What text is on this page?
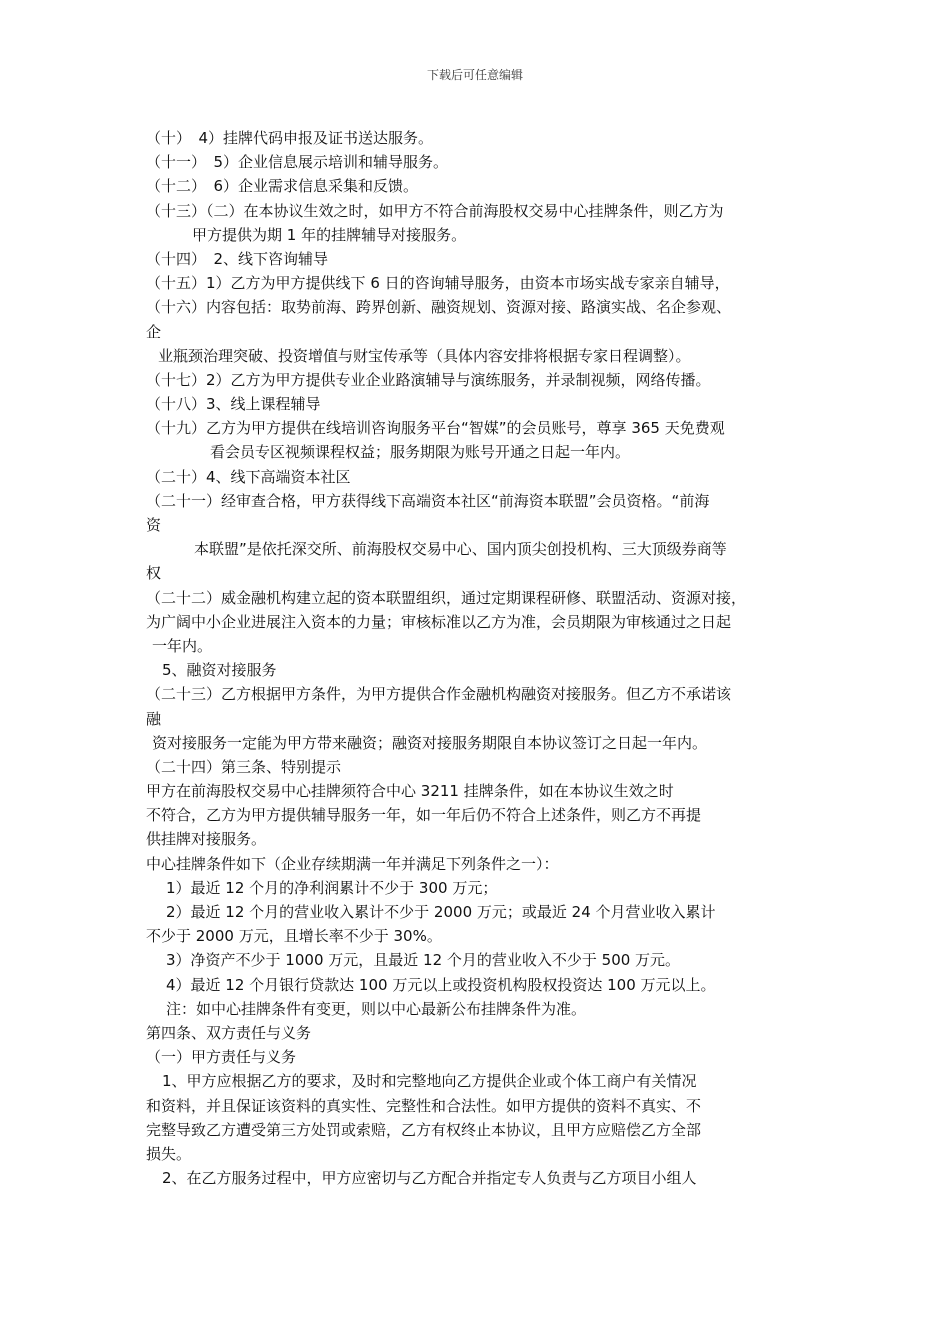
下载后可任意编辑
（十）　4）挂牌代码申报及证书送达服务。
（十一）　5）企业信息展示培训和辅导服务。
（十二）　6）企业需求信息采集和反馈。
（十三）（二）在本协议生效之时，如甲方不符合前海股权交易中心挂牌条件，则乙方为
甲方提供为期 1 年的挂牌辅导对接服务。
（十四）　2、线下咨询辅导
（十五）1）乙方为甲方提供线下 6 日的咨询辅导服务，由资本市场实战专家亲自辅导，
（十六）内容包括：取势前海、跨界创新、融资规划、资源对接、路演实战、名企参观、
企
业瓶颈治理突破、投资增值与财宝传承等（具体内容安排将根据专家日程调整）。
（十七）2）乙方为甲方提供专业企业路演辅导与演练服务，并录制视频，网络传播。
（十八）3、线上课程辅导
（十九）乙方为甲方提供在线培训咨询服务平台“智媒”的会员账号，尊享 365 天免费观
看会员专区视频课程权益；服务期限为账号开通之日起一年内。
（二十）4、线下高端资本社区
（二十一）经审查合格，甲方获得线下高端资本社区“前海资本联盟”会员资格。“前海
资
本联盟”是依托深交所、前海股权交易中心、国内顶尖创投机构、三大顶级券商等
权
（二十二）威金融机构建立起的资本联盟组织，通过定期课程研修、联盟活动、资源对接，
为广阔中小企业进展注入资本的力量；审核标准以乙方为准，会员期限为审核通过之日起
一年内。
5、融资对接服务
（二十三）乙方根据甲方条件，为甲方提供合作金融机构融资对接服务。但乙方不承诺该
融
资对接服务一定能为甲方带来融资；融资对接服务期限自本协议签订之日起一年内。
（二十四）第三条、特别提示
甲方在前海股权交易中心挂牌须符合中心 3211 挂牌条件，如在本协议生效之时
不符合，乙方为甲方提供辅导服务一年，如一年后仍不符合上述条件，则乙方不再提
供挂牌对接服务。
中心挂牌条件如下（企业存续期满一年并满足下列条件之一）：
1）最近 12 个月的净利润累计不少于 300 万元；
2）最近 12 个月的营业收入累计不少于 2000 万元；或最近 24 个月营业收入累计
不少于 2000 万元，且增长率不少于 30%。
3）净资产不少于 1000 万元，且最近 12 个月的营业收入不少于 500 万元。
4）最近 12 个月银行贷款达 100 万元以上或投资机构股权投资达 100 万元以上。
注：如中心挂牌条件有变更，则以中心最新公布挂牌条件为准。
第四条、双方责任与义务
（一）甲方责任与义务
1、甲方应根据乙方的要求，及时和完整地向乙方提供企业或个体工商户有关情况
和资料，并且保证该资料的真实性、完整性和合法性。如甲方提供的资料不真实、不
完整导致乙方遭受第三方处罚或索赔，乙方有权终止本协议，且甲方应赔偿乙方全部
损失。
2、在乙方服务过程中，甲方应密切与乙方配合并指定专人负责与乙方项目小组人
